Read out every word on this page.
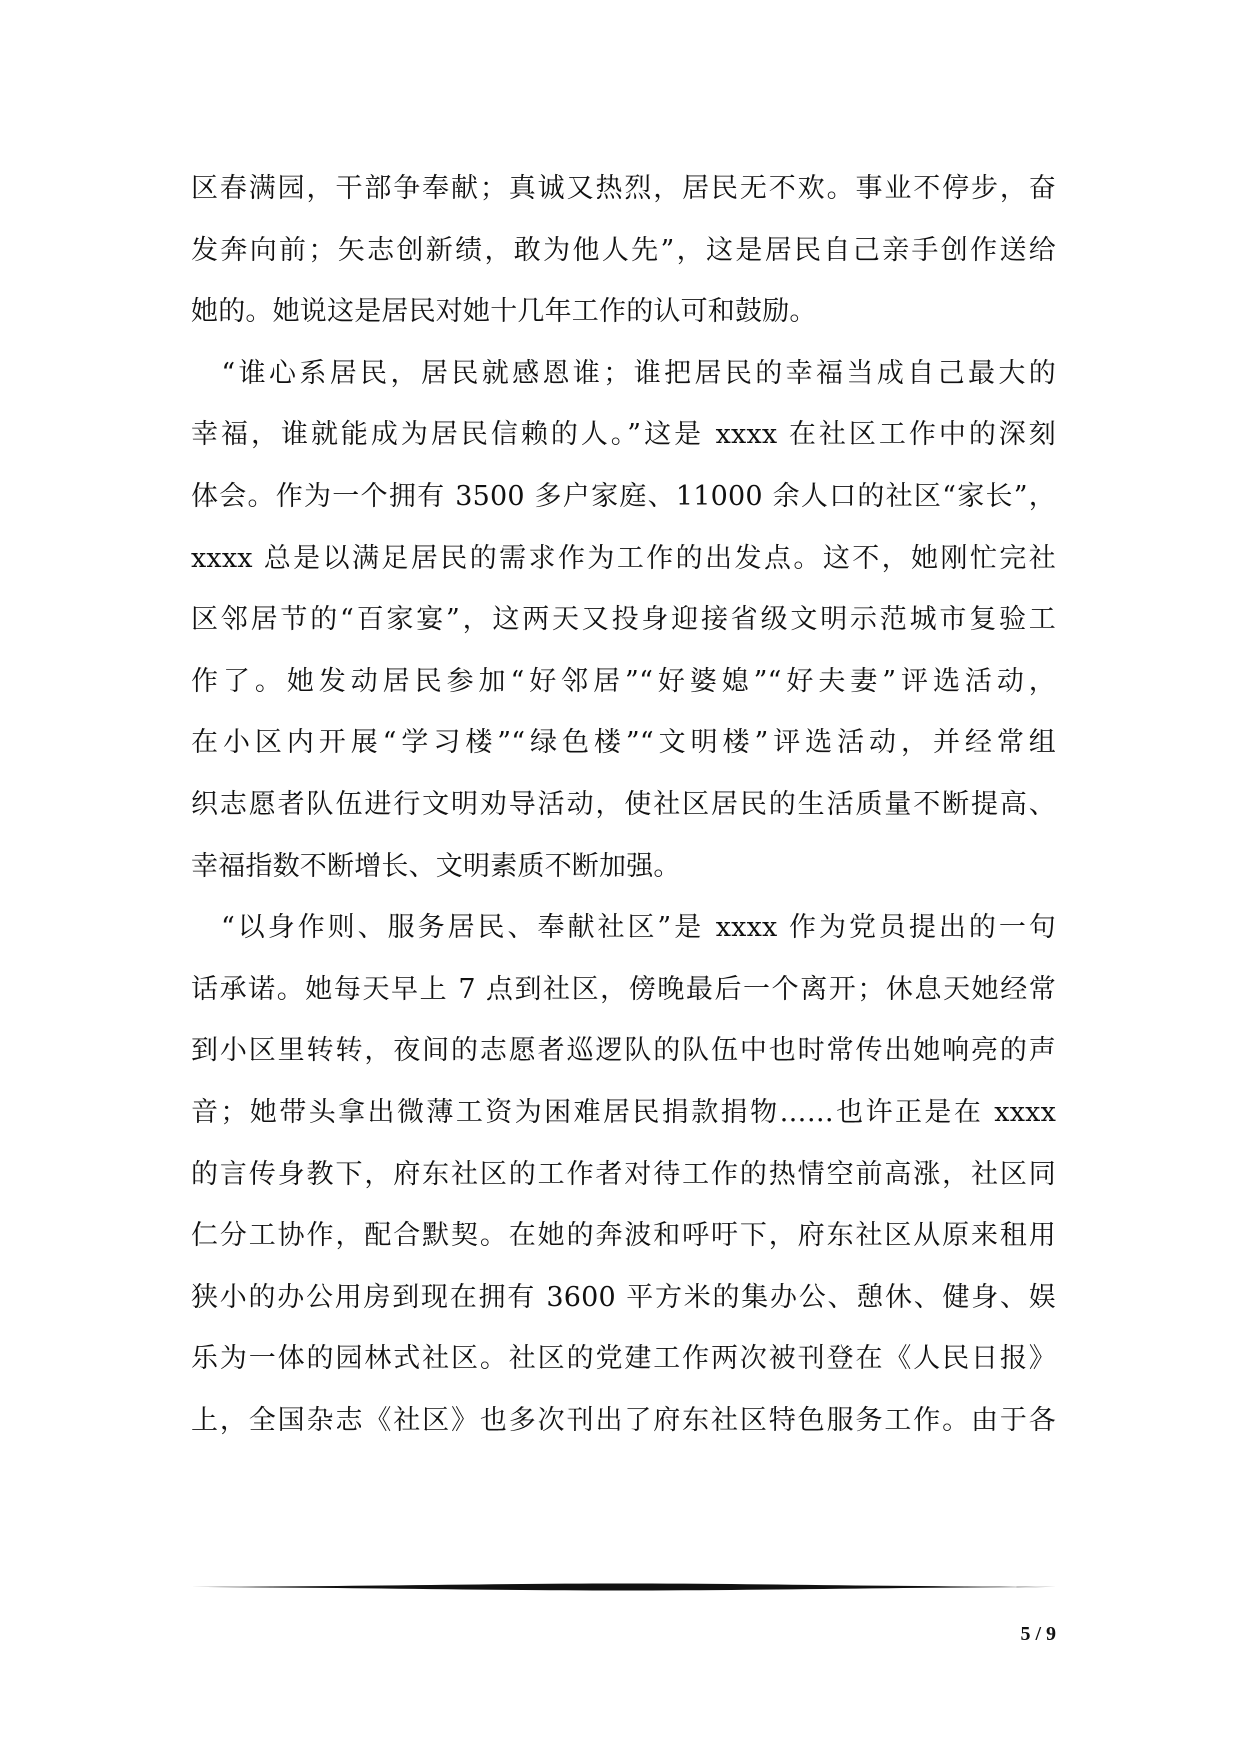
区春满园，干部争奉献；真诚又热烈，居民无不欢。事业不停步，奋
发奔向前；矢志创新绩，敢为他人先”，这是居民自己亲手创作送给
她的。她说这是居民对她十几年工作的认可和鼓励。
　“谁心系居民，居民就感恩谁；谁把居民的幸福当成自己最大的
幸福，谁就能成为居民信赖的人。”这是 xxxx 在社区工作中的深刻
体会。作为一个拥有 3500 多户家庭、11000 余人口的社区“家长”，
xxxx 总是以满足居民的需求作为工作的出发点。这不，她刚忙完社
区邻居节的“百家宴”，这两天又投身迎接省级文明示范城市复验工
作了。她发动居民参加“好邻居”“好婆媳”“好夫妻”评选活动，
在小区内开展“学习楼”“绿色楼”“文明楼”评选活动，并经常组
织志愿者队伍进行文明劝导活动，使社区居民的生活质量不断提高、
幸福指数不断增长、文明素质不断加强。
　“以身作则、服务居民、奉献社区”是 xxxx 作为党员提出的一句
话承诺。她每天早上 7 点到社区，傍晚最后一个离开；休息天她经常
到小区里转转，夜间的志愿者巡逻队的队伍中也时常传出她响亮的声
音；她带头拿出微薄工资为困难居民捐款捐物……也许正是在 xxxx
的言传身教下，府东社区的工作者对待工作的热情空前高涨，社区同
仁分工协作，配合默契。在她的奔波和呼吁下，府东社区从原来租用
狭小的办公用房到现在拥有 3600 平方米的集办公、憩休、健身、娱
乐为一体的园林式社区。社区的党建工作两次被刊登在《人民日报》
上，全国杂志《社区》也多次刊出了府东社区特色服务工作。由于各
5 / 9
